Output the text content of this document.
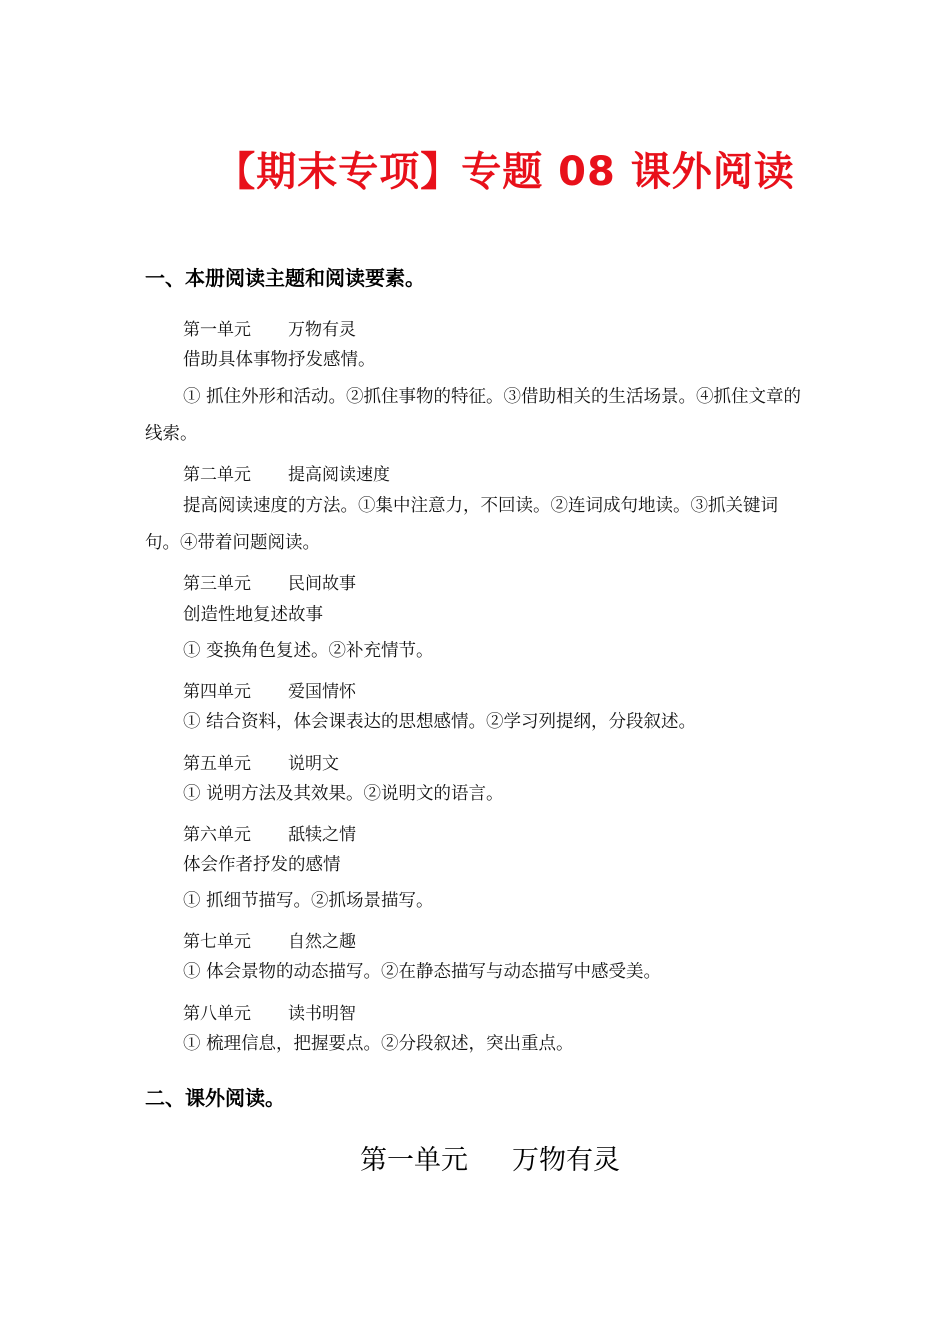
【期末专项】专题 08 课外阅读
一、本册阅读主题和阅读要素。
第一单元 万物有灵
借助具体事物抒发感情。
① 抓住外形和活动。②抓住事物的特征。③借助相关的生活场景。④抓住文章的线索。
第二单元 提高阅读速度
提高阅读速度的方法。①集中注意力，不回读。②连词成句地读。③抓关键词句。④带着问题阅读。
第三单元 民间故事
创造性地复述故事
① 变换角色复述。②补充情节。
第四单元 爱国情怀
① 结合资料，体会课表达的思想感情。②学习列提纲，分段叙述。
第五单元 说明文
① 说明方法及其效果。②说明文的语言。
第六单元 舐犊之情
体会作者抒发的感情
① 抓细节描写。②抓场景描写。
第七单元 自然之趣
① 体会景物的动态描写。②在静态描写与动态描写中感受美。
第八单元 读书明智
① 梳理信息，把握要点。②分段叙述，突出重点。
二、课外阅读。
第一单元 万物有灵
